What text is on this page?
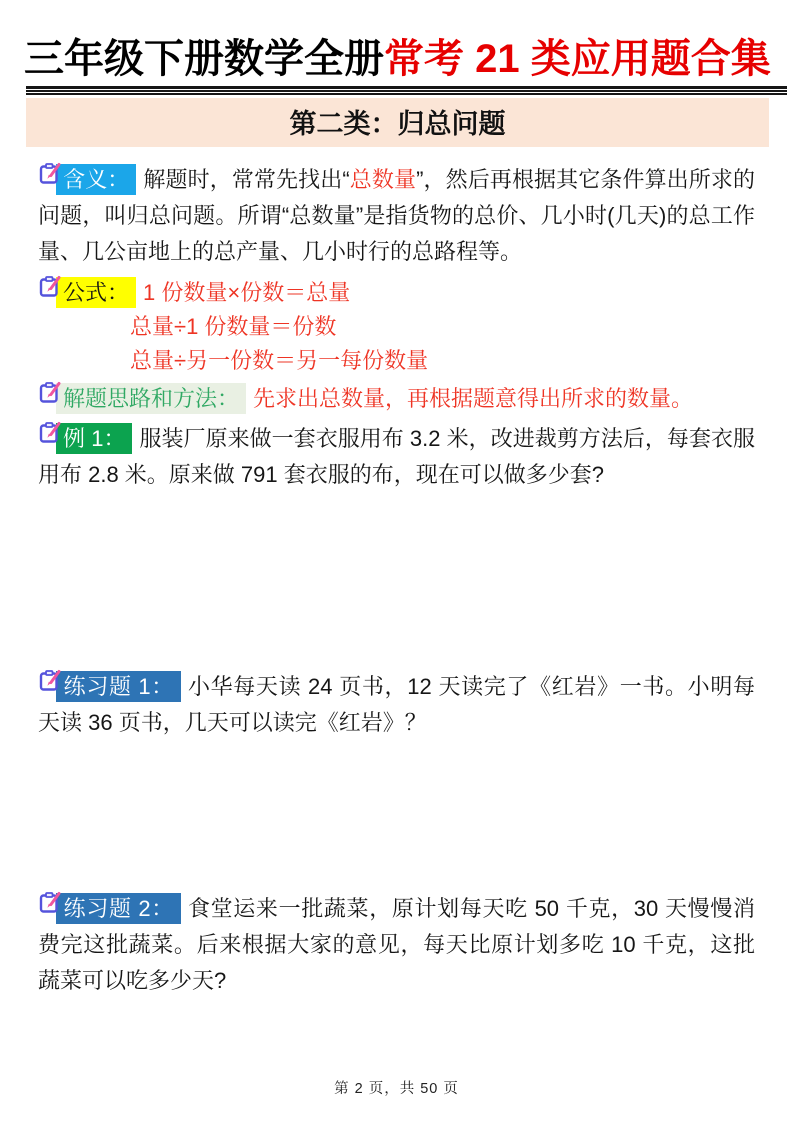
三年级下册数学全册常考 21 类应用题合集
第二类：归总问题
含义： 解题时，常常先找出“总数量”，然后再根据其它条件算出所求的问题，叫归总问题。所谓“总数量”是指货物的总价、几小时(几天)的总工作量、几公亩地上的总产量、几小时行的总路程等。
公式： 1 份数量×份数＝总量
总量÷1 份数量＝份数
总量÷另一份数＝另一每份数量
解题思路和方法： 先求出总数量，再根据题意得出所求的数量。
例 1： 服装厂原来做一套衣服用布 3.2 米，改进裁剪方法后，每套衣服用布 2.8 米。原来做 791 套衣服的布，现在可以做多少套?
练习题 1： 小华每天读 24 页书，12 天读完了《红岩》一书。小明每天读 36 页书，几天可以读完《红岩》？
练习题 2： 食堂运来一批蔬菜，原计划每天吃 50 千克，30 天慢慢消费完这批蔬菜。后来根据大家的意见，每天比原计划多吃 10 千克，这批蔬菜可以吃多少天?
第 2 页，共 50 页
